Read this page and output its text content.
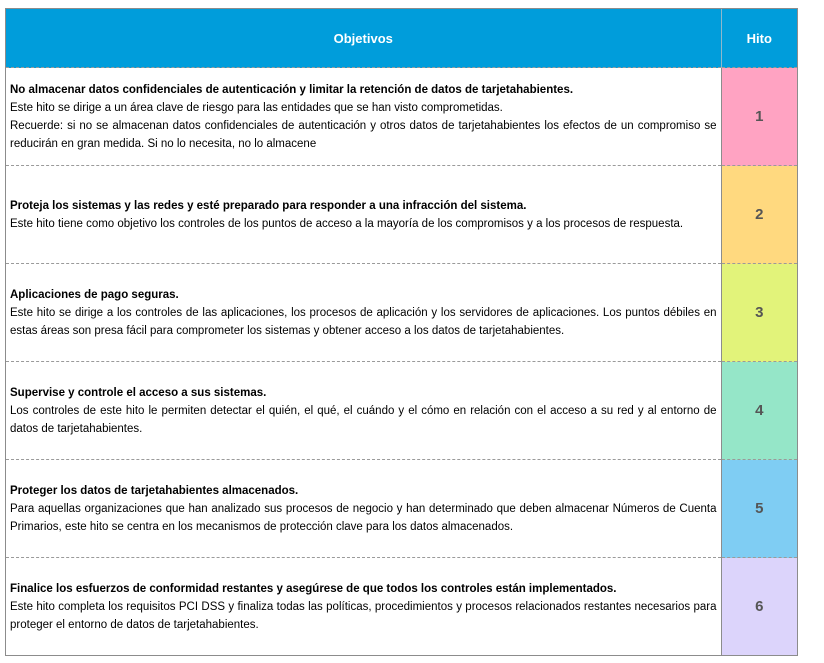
Objetivos	Hito

No almacenar datos confidenciales de autenticación y limitar la retención de datos de tarjetahabientes.
Este hito se dirige a un área clave de riesgo para las entidades que se han visto comprometidas.
Recuerde: si no se almacenan datos confidenciales de autenticación y otros datos de tarjetahabientes los efectos de un compromiso se reducirán en gran medida. Si no lo necesita, no lo almacene	1

Proteja los sistemas y las redes y esté preparado para responder a una infracción del sistema.
Este hito tiene como objetivo los controles de los puntos de acceso a la mayoría de los compromisos y a los procesos de respuesta.	2

Aplicaciones de pago seguras.
Este hito se dirige a los controles de las aplicaciones, los procesos de aplicación y los servidores de aplicaciones. Los puntos débiles en estas áreas son presa fácil para comprometer los sistemas y obtener acceso a los datos de tarjetahabientes.	3

Supervise y controle el acceso a sus sistemas.
Los controles de este hito le permiten detectar el quién, el qué, el cuándo y el cómo en relación con el acceso a su red y al entorno de datos de tarjetahabientes.	4

Proteger los datos de tarjetahabientes almacenados.
Para aquellas organizaciones que han analizado sus procesos de negocio y han determinado que deben almacenar Números de Cuenta Primarios, este hito se centra en los mecanismos de protección clave para los datos almacenados.	5

Finalice los esfuerzos de conformidad restantes y asegúrese de que todos los controles están implementados.
Este hito completa los requisitos PCI DSS y finaliza todas las políticas, procedimientos y procesos relacionados restantes necesarios para proteger el entorno de datos de tarjetahabientes.	6
